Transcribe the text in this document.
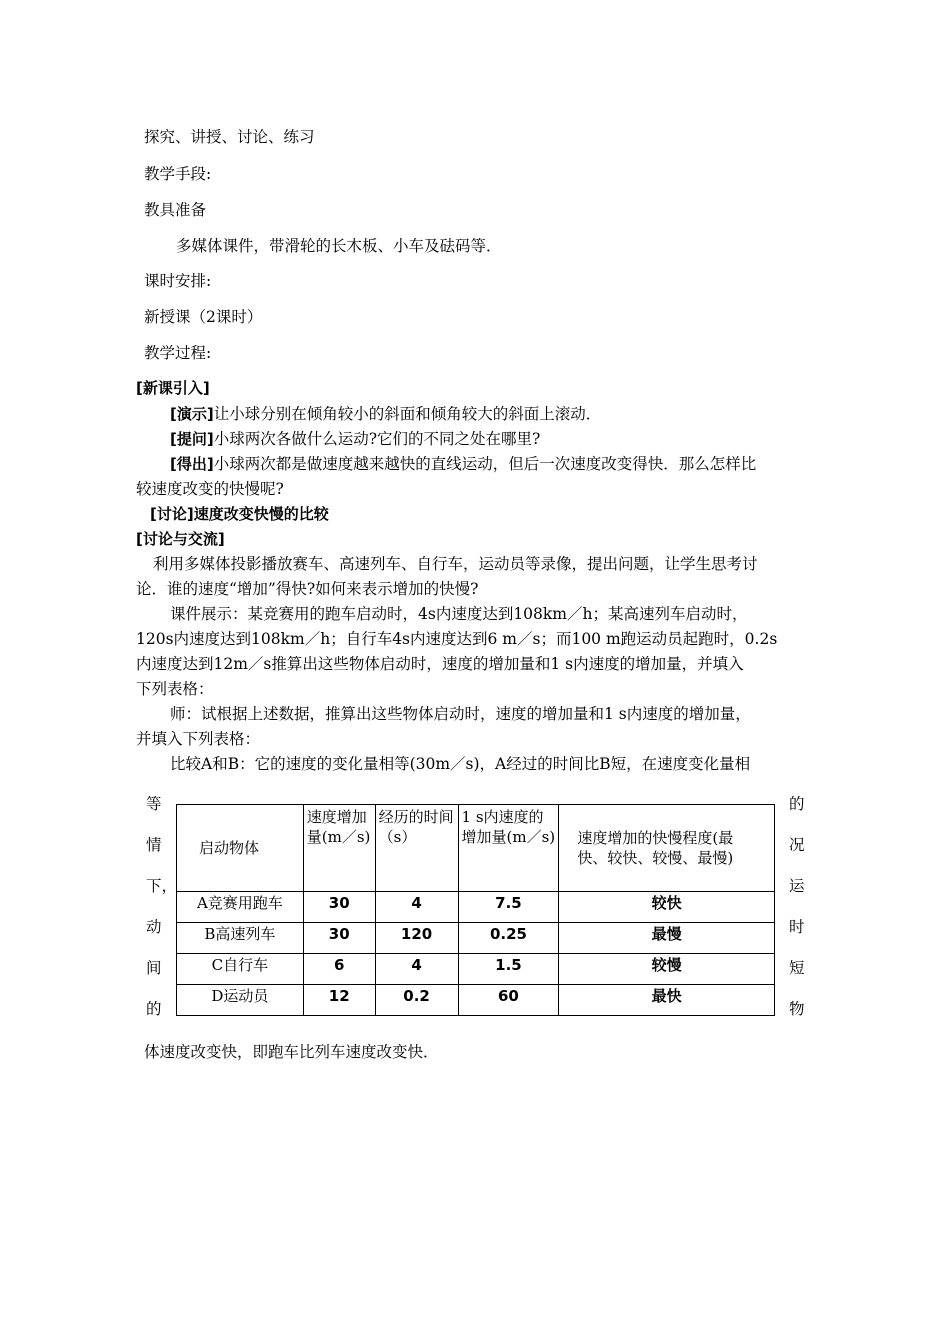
探究、讲授、讨论、练习
教学手段:
教具准备
多媒体课件，带滑轮的长木板、小车及砝码等．
课时安排:
新授课（2课时）
教学过程:
[新课引入]
[演示]让小球分别在倾角较小的斜面和倾角较大的斜面上滚动．
[提问]小球两次各做什么运动?它们的不同之处在哪里?
[得出]小球两次都是做速度越来越快的直线运动，但后一次速度改变得快．那么怎样比
较速度改变的快慢呢?
[讨论]速度改变快慢的比较
[讨论与交流]
利用多媒体投影播放赛车、高速列车、自行车，运动员等录像，提出问题，让学生思考讨
论．谁的速度“增加”得快?如何来表示增加的快慢?
课件展示：某竞赛用的跑车启动时，4s内速度达到108km／h；某高速列车启动时，
120s内速度达到108km／h；自行车4s内速度达到6 m／s；而100 m跑运动员起跑时，0.2s
内速度达到12m／s推算出这些物体启动时，速度的增加量和1 s内速度的增加量，并填入
下列表格：
师：试根据上述数据，推算出这些物体启动时，速度的增加量和1 s内速度的增加量，
并填入下列表格：
比较A和B：它的速度的变化量相等(30m／s)，A经过的时间比B短，在速度变化量相
等
情
下，
动
间
的
的
况
运
时
短
物
启动物体	速度增加量(m／s)	经历的时间（s）	1 s内速度的增加量(m／s)	速度增加的快慢程度(最快、较快、较慢、最慢)
A竞赛用跑车	30	4	7.5	较快
B高速列车	30	120	0.25	最慢
C自行车	6	4	1.5	较慢
D运动员	12	0.2	60	最快
体速度改变快，即跑车比列车速度改变快．
